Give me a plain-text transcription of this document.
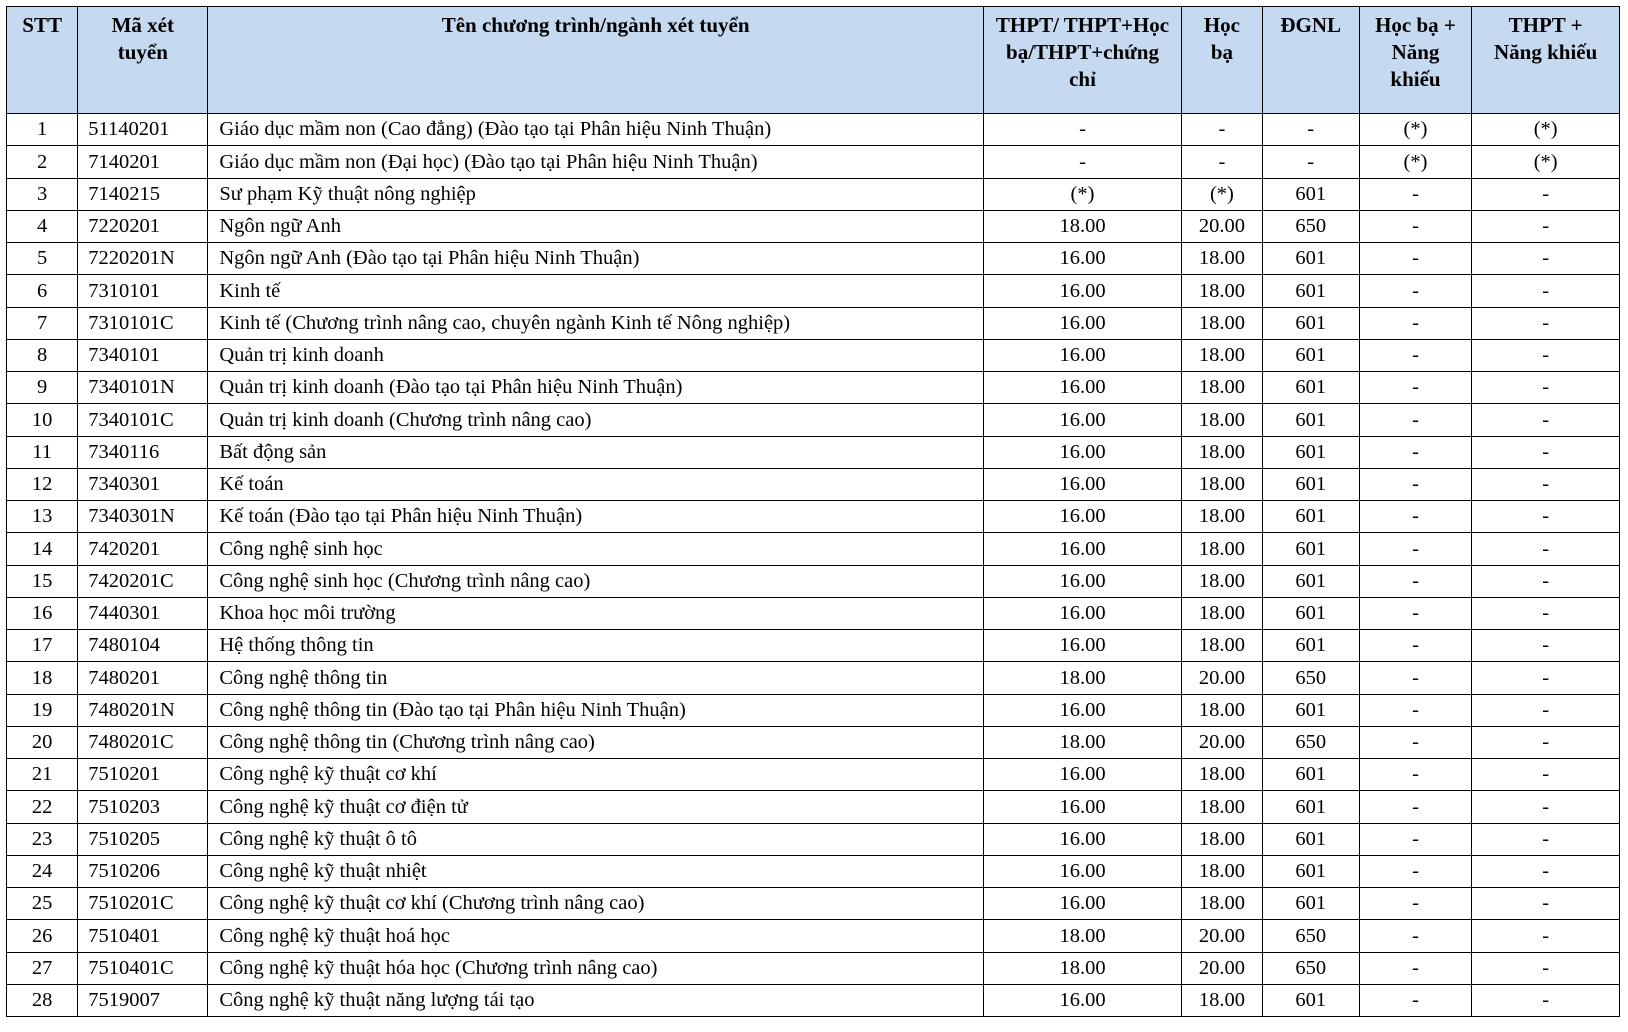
STT	Mã xét tuyển	Tên chương trình/ngành xét tuyển	THPT/ THPT+Học bạ/THPT+chứng chỉ	Học bạ	ĐGNL	Học bạ + Năng khiếu	THPT + Năng khiếu
1	51140201	Giáo dục mầm non (Cao đẳng) (Đào tạo tại Phân hiệu Ninh Thuận)	-	-	-	(*)	(*)
2	7140201	Giáo dục mầm non (Đại học) (Đào tạo tại Phân hiệu Ninh Thuận)	-	-	-	(*)	(*)
3	7140215	Sư phạm Kỹ thuật nông nghiệp	(*)	(*)	601	-	-
4	7220201	Ngôn ngữ Anh	18.00	20.00	650	-	-
5	7220201N	Ngôn ngữ Anh (Đào tạo tại Phân hiệu Ninh Thuận)	16.00	18.00	601	-	-
6	7310101	Kinh tế	16.00	18.00	601	-	-
7	7310101C	Kinh tế (Chương trình nâng cao, chuyên ngành Kinh tế Nông nghiệp)	16.00	18.00	601	-	-
8	7340101	Quản trị kinh doanh	16.00	18.00	601	-	-
9	7340101N	Quản trị kinh doanh (Đào tạo tại Phân hiệu Ninh Thuận)	16.00	18.00	601	-	-
10	7340101C	Quản trị kinh doanh (Chương trình nâng cao)	16.00	18.00	601	-	-
11	7340116	Bất động sản	16.00	18.00	601	-	-
12	7340301	Kế toán	16.00	18.00	601	-	-
13	7340301N	Kế toán (Đào tạo tại Phân hiệu Ninh Thuận)	16.00	18.00	601	-	-
14	7420201	Công nghệ sinh học	16.00	18.00	601	-	-
15	7420201C	Công nghệ sinh học (Chương trình nâng cao)	16.00	18.00	601	-	-
16	7440301	Khoa học môi trường	16.00	18.00	601	-	-
17	7480104	Hệ thống thông tin	16.00	18.00	601	-	-
18	7480201	Công nghệ thông tin	18.00	20.00	650	-	-
19	7480201N	Công nghệ thông tin (Đào tạo tại Phân hiệu Ninh Thuận)	16.00	18.00	601	-	-
20	7480201C	Công nghệ thông tin (Chương trình nâng cao)	18.00	20.00	650	-	-
21	7510201	Công nghệ kỹ thuật cơ khí	16.00	18.00	601	-	-
22	7510203	Công nghệ kỹ thuật cơ điện tử	16.00	18.00	601	-	-
23	7510205	Công nghệ kỹ thuật ô tô	16.00	18.00	601	-	-
24	7510206	Công nghệ kỹ thuật nhiệt	16.00	18.00	601	-	-
25	7510201C	Công nghệ kỹ thuật cơ khí (Chương trình nâng cao)	16.00	18.00	601	-	-
26	7510401	Công nghệ kỹ thuật hoá học	18.00	20.00	650	-	-
27	7510401C	Công nghệ kỹ thuật hóa học (Chương trình nâng cao)	18.00	20.00	650	-	-
28	7519007	Công nghệ kỹ thuật năng lượng tái tạo	16.00	18.00	601	-	-
